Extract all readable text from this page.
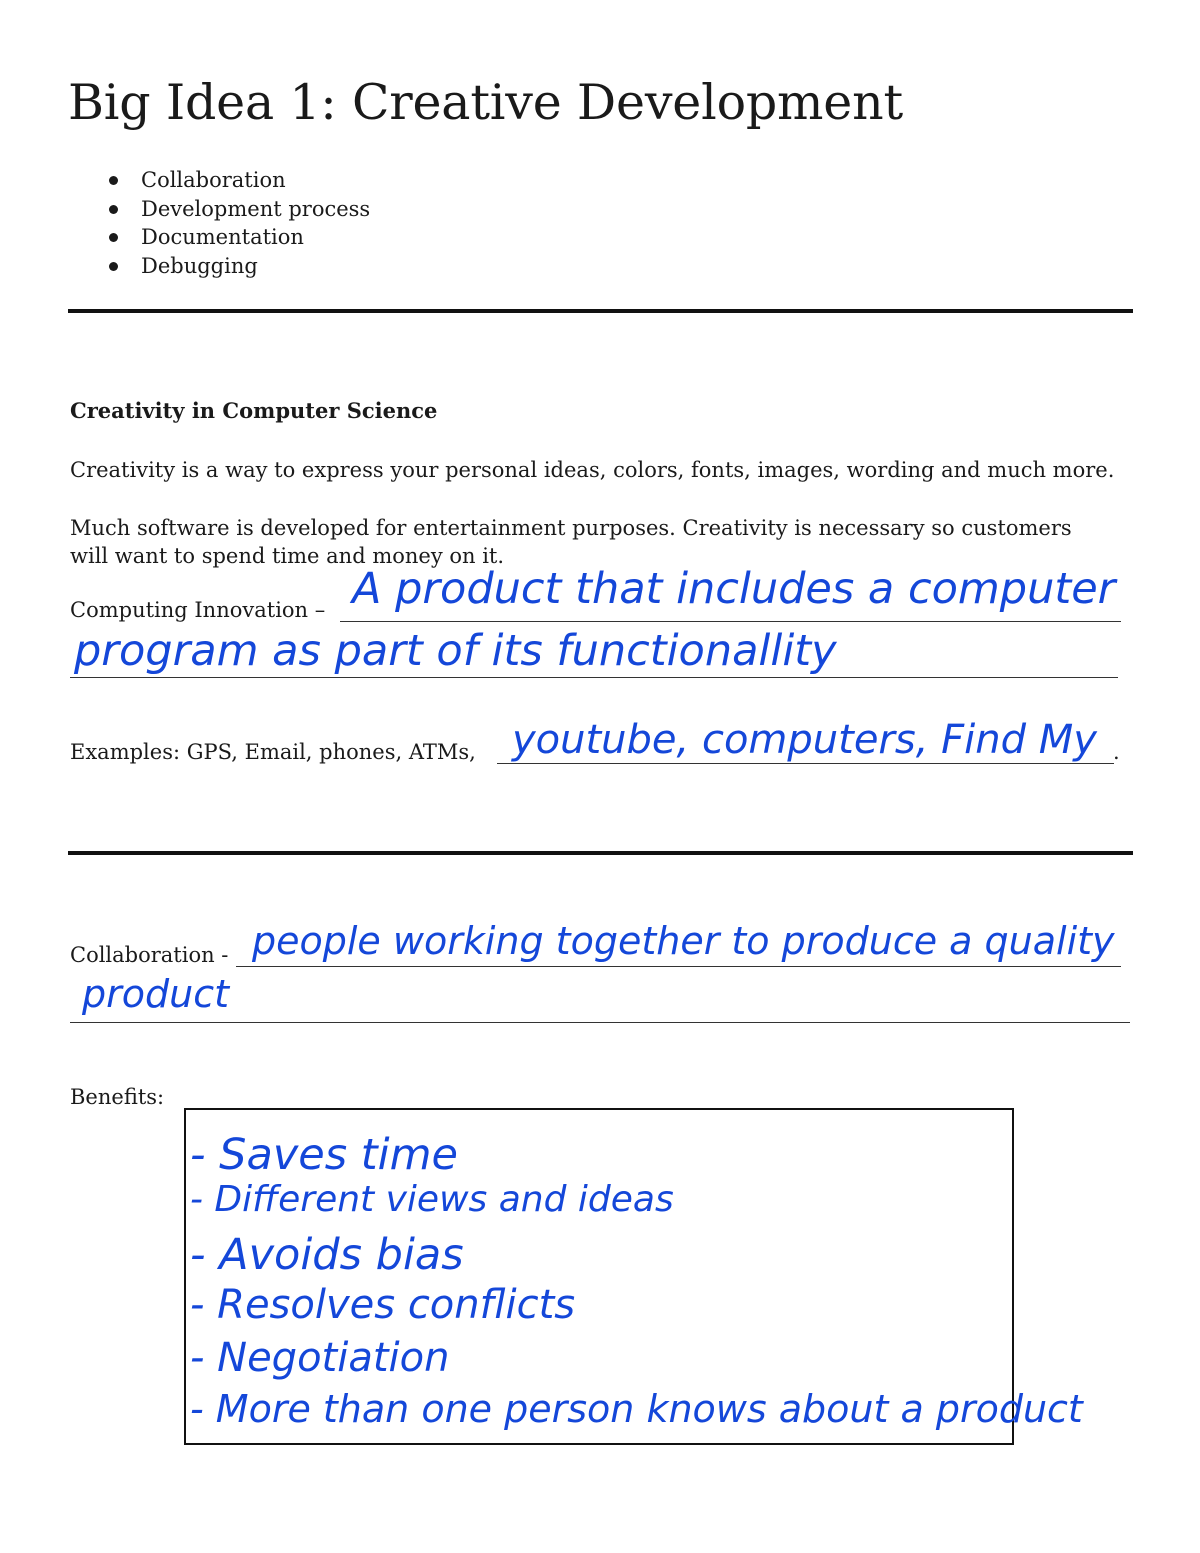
Big Idea 1: Creative Development
Collaboration
Development process
Documentation
Debugging
Creativity in Computer Science
Creativity is a way to express your personal ideas, colors, fonts, images, wording and much more.
Much software is developed for entertainment purposes. Creativity is necessary so customers will want to spend time and money on it.
Computing Innovation – A product that includes a computer
program as part of its functionallity
Examples: GPS, Email, phones, ATMs,	.
youtube, computers, Find My
Collaboration - people working together to produce a quality
product
Benefits:
- Saves time
- Different views and ideas
- Avoids bias
- Resolves conflicts
- Negotiation
- More than one person knows about a product
